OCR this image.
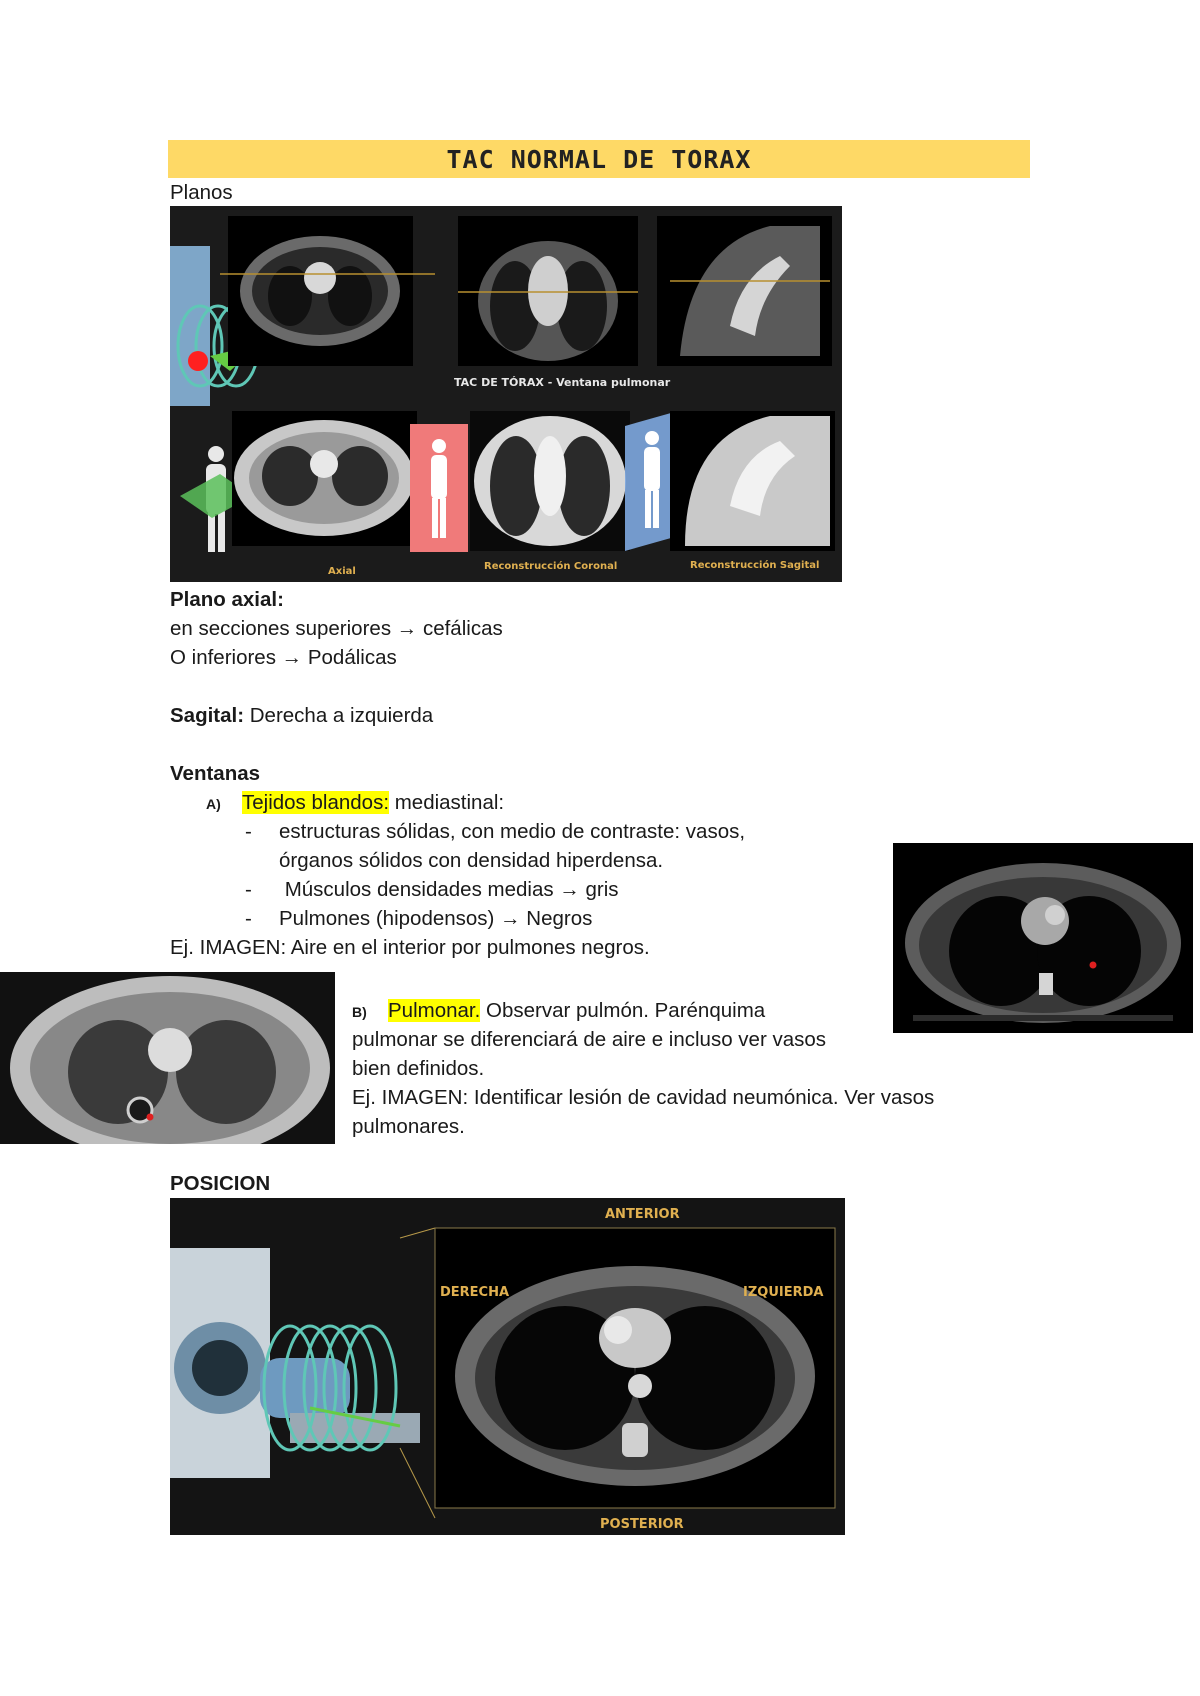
TAC NORMAL DE TORAX
Planos
TAC DE TÓRAX - Ventana pulmonar
Axial	Reconstrucción Coronal	Reconstrucción Sagital
Plano axial:
en secciones superiores → cefálicas
O inferiores → Podálicas
Sagital: Derecha a izquierda
Ventanas
A) Tejidos blandos: mediastinal:
- estructuras sólidas, con medio de contraste: vasos,
órganos sólidos con densidad hiperdensa.
- Músculos densidades medias → gris
- Pulmones (hipodensos) → Negros
Ej. IMAGEN: Aire en el interior por pulmones negros.
B) Pulmonar. Observar pulmón. Parénquima
pulmonar se diferenciará de aire e incluso ver vasos
bien definidos.
Ej. IMAGEN: Identificar lesión de cavidad neumónica. Ver vasos
pulmonares.
POSICION
ANTERIOR
DERECHA	IZQUIERDA
POSTERIOR
